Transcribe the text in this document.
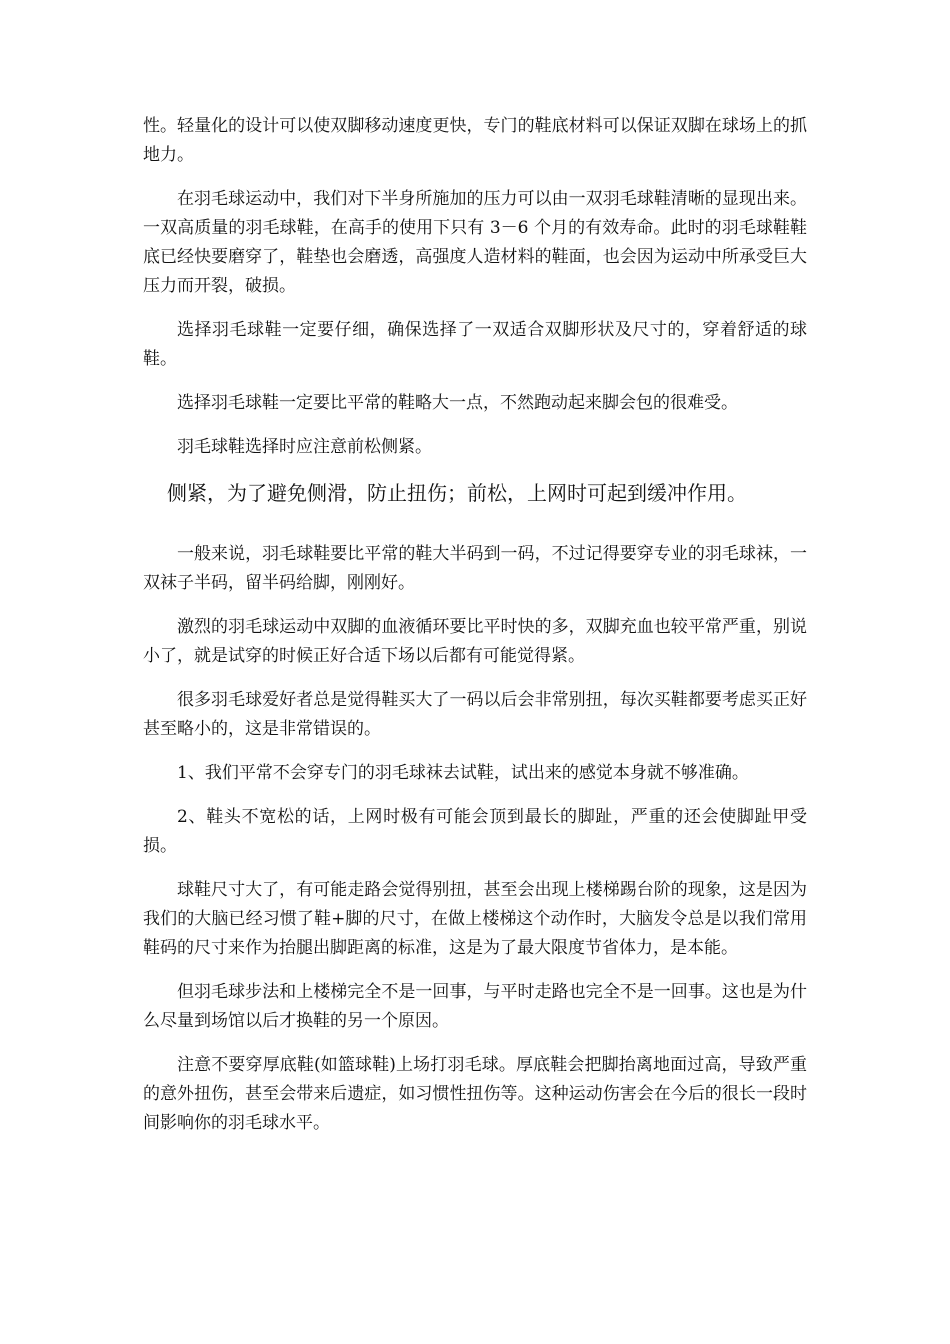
性。轻量化的设计可以使双脚移动速度更快，专门的鞋底材料可以保证双脚在球场上的抓地力。

在羽毛球运动中，我们对下半身所施加的压力可以由一双羽毛球鞋清晰的显现出来。一双高质量的羽毛球鞋，在高手的使用下只有 3－6 个月的有效寿命。此时的羽毛球鞋鞋底已经快要磨穿了，鞋垫也会磨透，高强度人造材料的鞋面，也会因为运动中所承受巨大压力而开裂，破损。

选择羽毛球鞋一定要仔细，确保选择了一双适合双脚形状及尺寸的，穿着舒适的球鞋。

选择羽毛球鞋一定要比平常的鞋略大一点，不然跑动起来脚会包的很难受。

羽毛球鞋选择时应注意前松侧紧。

侧紧，为了避免侧滑，防止扭伤；前松，上网时可起到缓冲作用。

一般来说，羽毛球鞋要比平常的鞋大半码到一码，不过记得要穿专业的羽毛球袜，一双袜子半码，留半码给脚，刚刚好。

激烈的羽毛球运动中双脚的血液循环要比平时快的多，双脚充血也较平常严重，别说小了，就是试穿的时候正好合适下场以后都有可能觉得紧。

很多羽毛球爱好者总是觉得鞋买大了一码以后会非常别扭，每次买鞋都要考虑买正好甚至略小的，这是非常错误的。

1、我们平常不会穿专门的羽毛球袜去试鞋，试出来的感觉本身就不够准确。

2、鞋头不宽松的话，上网时极有可能会顶到最长的脚趾，严重的还会使脚趾甲受损。

球鞋尺寸大了，有可能走路会觉得别扭，甚至会出现上楼梯踢台阶的现象，这是因为我们的大脑已经习惯了鞋+脚的尺寸，在做上楼梯这个动作时，大脑发令总是以我们常用鞋码的尺寸来作为抬腿出脚距离的标准，这是为了最大限度节省体力，是本能。

但羽毛球步法和上楼梯完全不是一回事，与平时走路也完全不是一回事。这也是为什么尽量到场馆以后才换鞋的另一个原因。

注意不要穿厚底鞋(如篮球鞋)上场打羽毛球。厚底鞋会把脚抬离地面过高，导致严重的意外扭伤，甚至会带来后遗症，如习惯性扭伤等。这种运动伤害会在今后的很长一段时间影响你的羽毛球水平。
